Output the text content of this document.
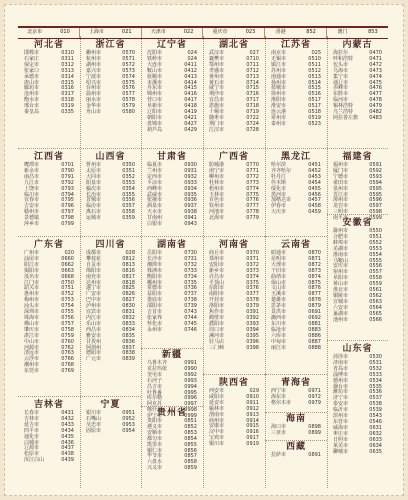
北京市	010	上海市	021	天津市	022	重庆市	023	香港	852	澳门	853
河北省
邯郸市	0310
石家庄	0311
保定市	0312
张家口	0313
承德市	0314
唐山市	0315
廊坊市	0316
沧州市	0317
衡水市	0318
邢台市	0319
秦皇岛	0335
浙江省
衢州市	0570
杭州市	0571
湖州市	0572
嘉兴市	0573
宁波市	0574
绍兴市	0575
台州市	0576
温州市	0577
丽水市	0578
金华市	0579
舟山市	0580
辽宁省
沈阳市	024
铁岭市	024
大连市	0411
鞍山市	0412
抚顺市	0413
本溪市	0414
丹东市	0415
锦州市	0416
营口市	0417
阜新市	0418
辽阳市	0419
朝阳市	0421
盘锦市	0427
葫芦岛	0429
湖北省
武汉市	027
襄樊市	0710
鄂州市	0711
孝感市	0712
黄州市	0713
黄石市	0714
咸宁市	0715
荆沙市	0716
宜昌市	0717
恩施市	0718
十堰市	0719
随枣市	0722
荆门市	0724
江汉市	0728
江苏省
南京市	025
无锡市	0510
镇江市	0511
苏州市	0512
南通市	0513
扬州市	0514
盐城市	0515
徐州市	0516
淮阴市	0517
淮安市	0517
连云港	0518
常州市	0519
泰州市	0523
内蒙古
海拉尔	0470
呼和浩特	0471
包头市	0472
乌海市	0473
集宁市	0474
通辽市	0475
赤峰市	0476
东胜市	0477
临河市	0478
锡林浩特	0479
乌兰浩特	0482
阿拉善左旗 0483
江西省
鹰潭市	0701
新余市	0790
南昌市	0791
九江市	0792
上饶市	0793
临川市	0794
宜春市	0795
吉安市	0796
赣州市	0797
景德镇	0798
萍乡市	0799
山西省
忻州市	0350
太原市	0351
大同市	0352
阳泉市	0353
榆次市	0354
长治市	0355
晋城市	0356
临汾市	0357
离石市	0358
运城市	0359
甘肃省
临夏市	0930
兰州市	0931
定西市	0932
平凉市	0933
西峰市	0934
武威市	0935
张掖市	0936
酒泉市	0937
天水市	0938
甘南州	0941
白银市	0943
广西省
防城港	0770
南宁市	0771
柳州市	0772
桂林市	0773
梧州市	0774
玉林市	0775
百色市	0776
钦州市	0777
河池市	0778
北海市	0779
黑龙江
哈尔滨	0451
齐齐哈尔	0452
牡丹江	0453
佳木斯	0454
绥化市	0455
黑河市	0456
加格达奇	0457
伊春市	0458
大庆市	0459
福建省
福州市	0591
厦门市	0592
宁德市	0593
莆田市	0594
泉州市	0595
晋江市	0595
漳州市	0596
龙岩市	0597
三明市	0598
南平市	0599
广东省
广州市	020
汕尾市	0660
阳江市	0662
揭阳市	0663
茂名市	0668
江门市	0750
韶关市	0751
惠州市	0752
梅州市	0753
汕头市	0754
深圳市	0755
珠海市	0756
佛山市	0757
肇庆市	0758
湛江市	0759
中山市	0760
河源市	0762
清远市	0763
云浮市	0766
潮州市	0768
东莞市	0769
四川省
成都市	028
攀枝花	0812
自贡市	0813
绵阳市	0816
南充市	0817
达州市	0818
遂宁市	0825
广安市	0826
巴中市	0827
泸州市	0830
宜宾市	0831
内江市	0832
乐山市	0833
西昌市	0834
雅安市	0835
甘孜州	0836
阿坝州	0837
德阳市	0838
广元市	0839
湖南省
岳阳市	0730
长沙市	0731
湘潭市	0732
株洲市	0733
衡阳市	0734
郴州市	0735
常德市	0736
益阳市	0737
娄底市	0738
邵阳市	0739
吉首市	0743
张家界	0744
怀化市	0745
永州市	0746
河南省
商丘市	0370
郑州市	0371
安阳市	0372
新乡市	0373
许昌市	0374
平顶山	0375
信阳市	0376
南阳市	0377
开封市	0378
洛阳市	0379
焦作市	0391
鹤壁市	0392
濮阳市	0393
周口市	0394
漯河市	0395
驻马店	0396
三门峡	0398
云南省
昭通市	0870
昆明市	0871
大理市	0872
个旧市	0873
曲靖市	0874
保山市	0875
文山市	0876
玉溪市	0877
楚雄市	0878
思茅市	0879
景洪市	0691
潞西市	0692
东川市	0881
临沧市	0883
六库市	0886
中甸市	0887
丽江市	0888
安徽省
滁州市	0550
合肥市	0551
蚌埠市	0552
芜湖市	0553
淮南市	0554
马鞍山	0555
安庆市	0556
宿州市	0557
阜阳市	0558
黄山市	0559
淮北市	0561
铜陵市	0562
宣城市	0563
六安市	0564
巢湖市	0565
池州市	0566
新疆
乌鲁木齐	0991
克拉玛依	0990
奎屯市	0992
石河子	0993
昌吉市	0994
吐鲁番	0995
库尔勒	0996
阿克苏	0997
喀什市	0998
伊宁市	0999
山东省
菏泽市	0530
济南市	0531
青岛市	0532
淄博市	0533
德州市	0534
烟台市	0535
潍坊市	0536
济宁市	0537
泰安市	0538
临沂市	0539
滨州市	0543
东营市	0546
威海市	0631
枣庄市	0632
日照市	0633
莱芜市	0634
聊城市	0635
吉林省
长春市	0431
吉林市	0432
延吉市	0433
四平市	0434
通化市	0435
白城市	0436
辽源市	0437
松原市	0438
浑江白山	0439
宁夏
银川市	0951
石嘴山	0952
吴忠市	0953
固原市	0954
贵州省
贵阳市	0851
遵义市	0852
安顺市	0853
都匀市	0854
凯里市	0855
铜仁市	0856
毕节市	0857
六盘水	0858
兴义市	0859
陕西省
西安市	029
咸阳市	0910
延安市	0911
榆林市	0912
渭南市	0913
商州市	0914
安康市	0915
汉中市	0916
宝鸡市	0917
铜川市	0919
青海省
西宁市	0971
海东市	0972
格尔木市	0979
海南
海口市	0898
三亚市	0899
西藏
拉萨市	0891
